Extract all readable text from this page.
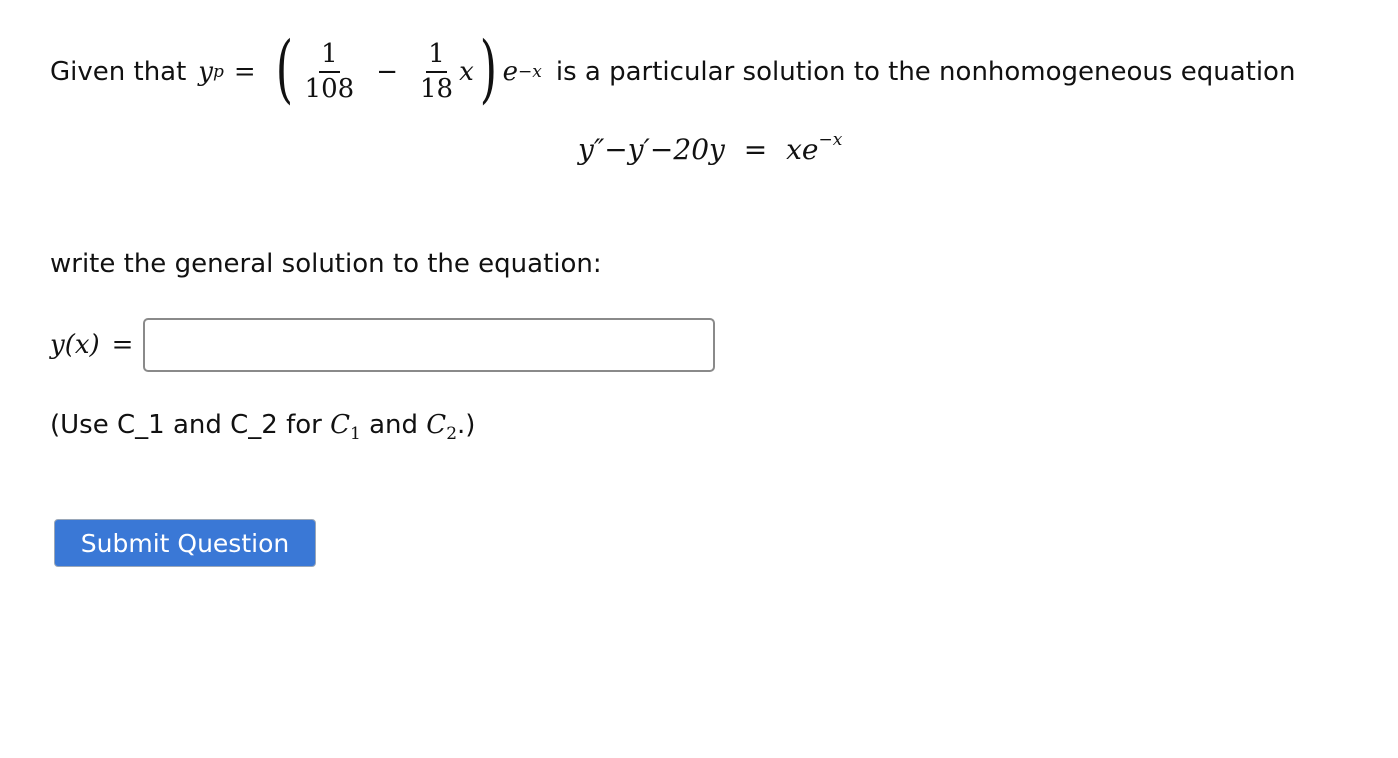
Given that y p = ( $\frac{1}{108} - \frac{1}{18}$ x ) e −x is a particular solution to the nonhomogeneous equation
$y''-y'-20y = xe^{-x}$
write the general solution to the equation:
y(x) =
(Use C_1 and C_2 for $C_1$ and $C_2$.)
Submit Question
